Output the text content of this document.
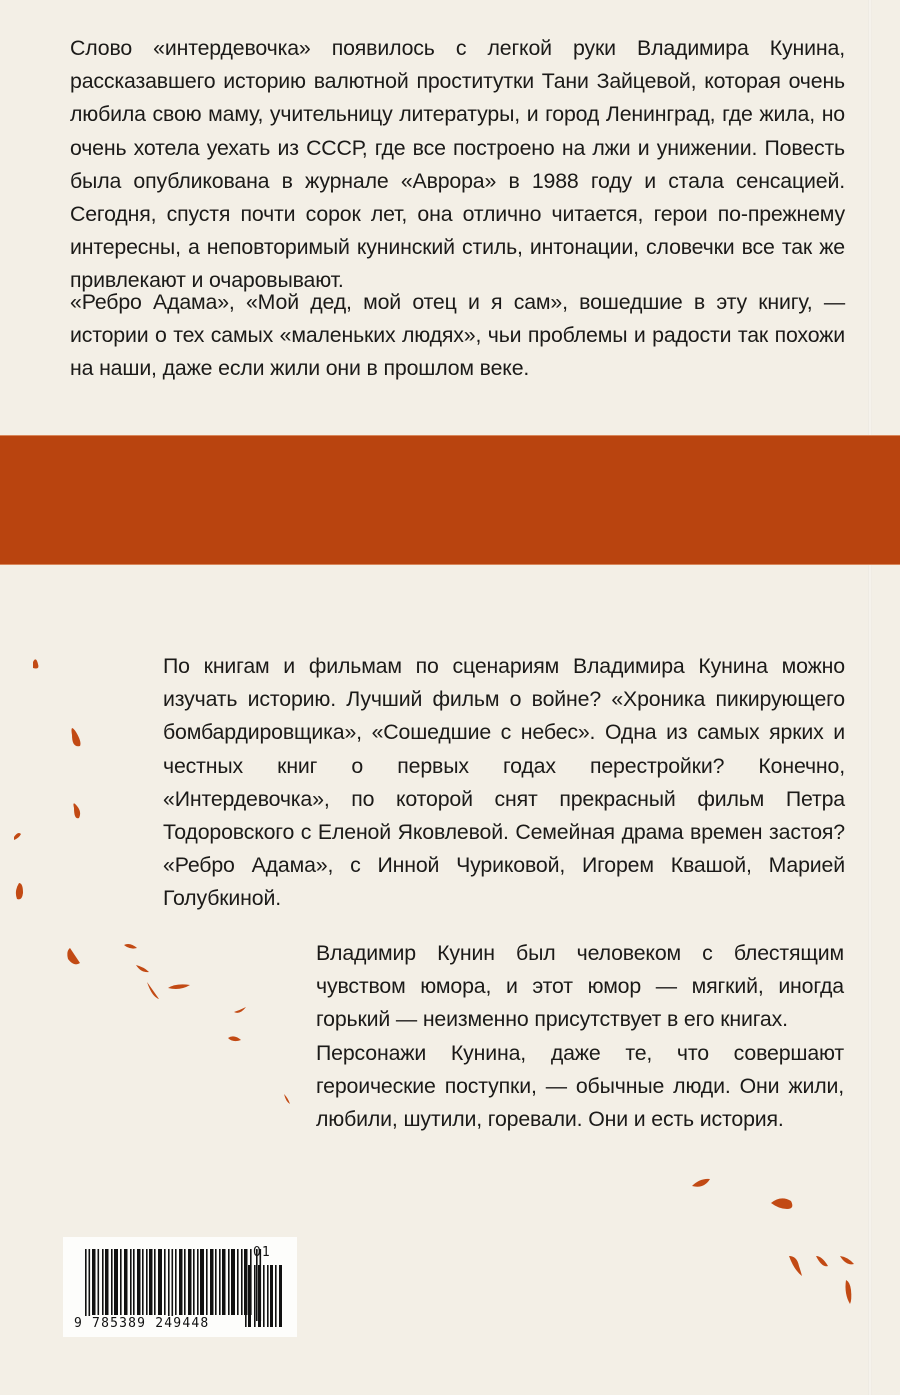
Слово «интердевочка» появилось с легкой руки Владимира Кунина, рассказавшего историю валютной проститутки Тани Зайцевой, которая очень любила свою маму, учительницу литературы, и город Ленинград, где жила, но очень хотела уехать из СССР, где все построено на лжи и унижении. Повесть была опубликована в журнале «Аврора» в 1988 году и стала сенсацией. Сегодня, спустя почти сорок лет, она отлично читается, герои по-прежнему интересны, а неповторимый кунинский стиль, интонации, словечки все так же привлекают и очаровывают.

«Ребро Адама», «Мой дед, мой отец и я сам», вошедшие в эту книгу, — истории о тех самых «маленьких людях», чьи проблемы и радости так похожи на наши, даже если жили они в прошлом веке.

По книгам и фильмам по сценариям Владимира Кунина можно изучать историю. Лучший фильм о войне? «Хроника пикирующего бомбардировщика», «Сошедшие с небес». Одна из самых ярких и честных книг о первых годах перестройки? Конечно, «Интердевочка», по которой снят прекрасный фильм Петра Тодоровского с Еленой Яковлевой. Семейная драма времен застоя? «Ребро Адама», с Инной Чуриковой, Игорем Квашой, Марией Голубкиной.

Владимир Кунин был человеком с блестящим чувством юмора, и этот юмор — мягкий, иногда горький — неизменно присутствует в его книгах.

Персонажи Кунина, даже те, что совершают героические поступки, — обычные люди. Они жили, любили, шутили, горевали. Они и есть история.

9 785389 249448
01
